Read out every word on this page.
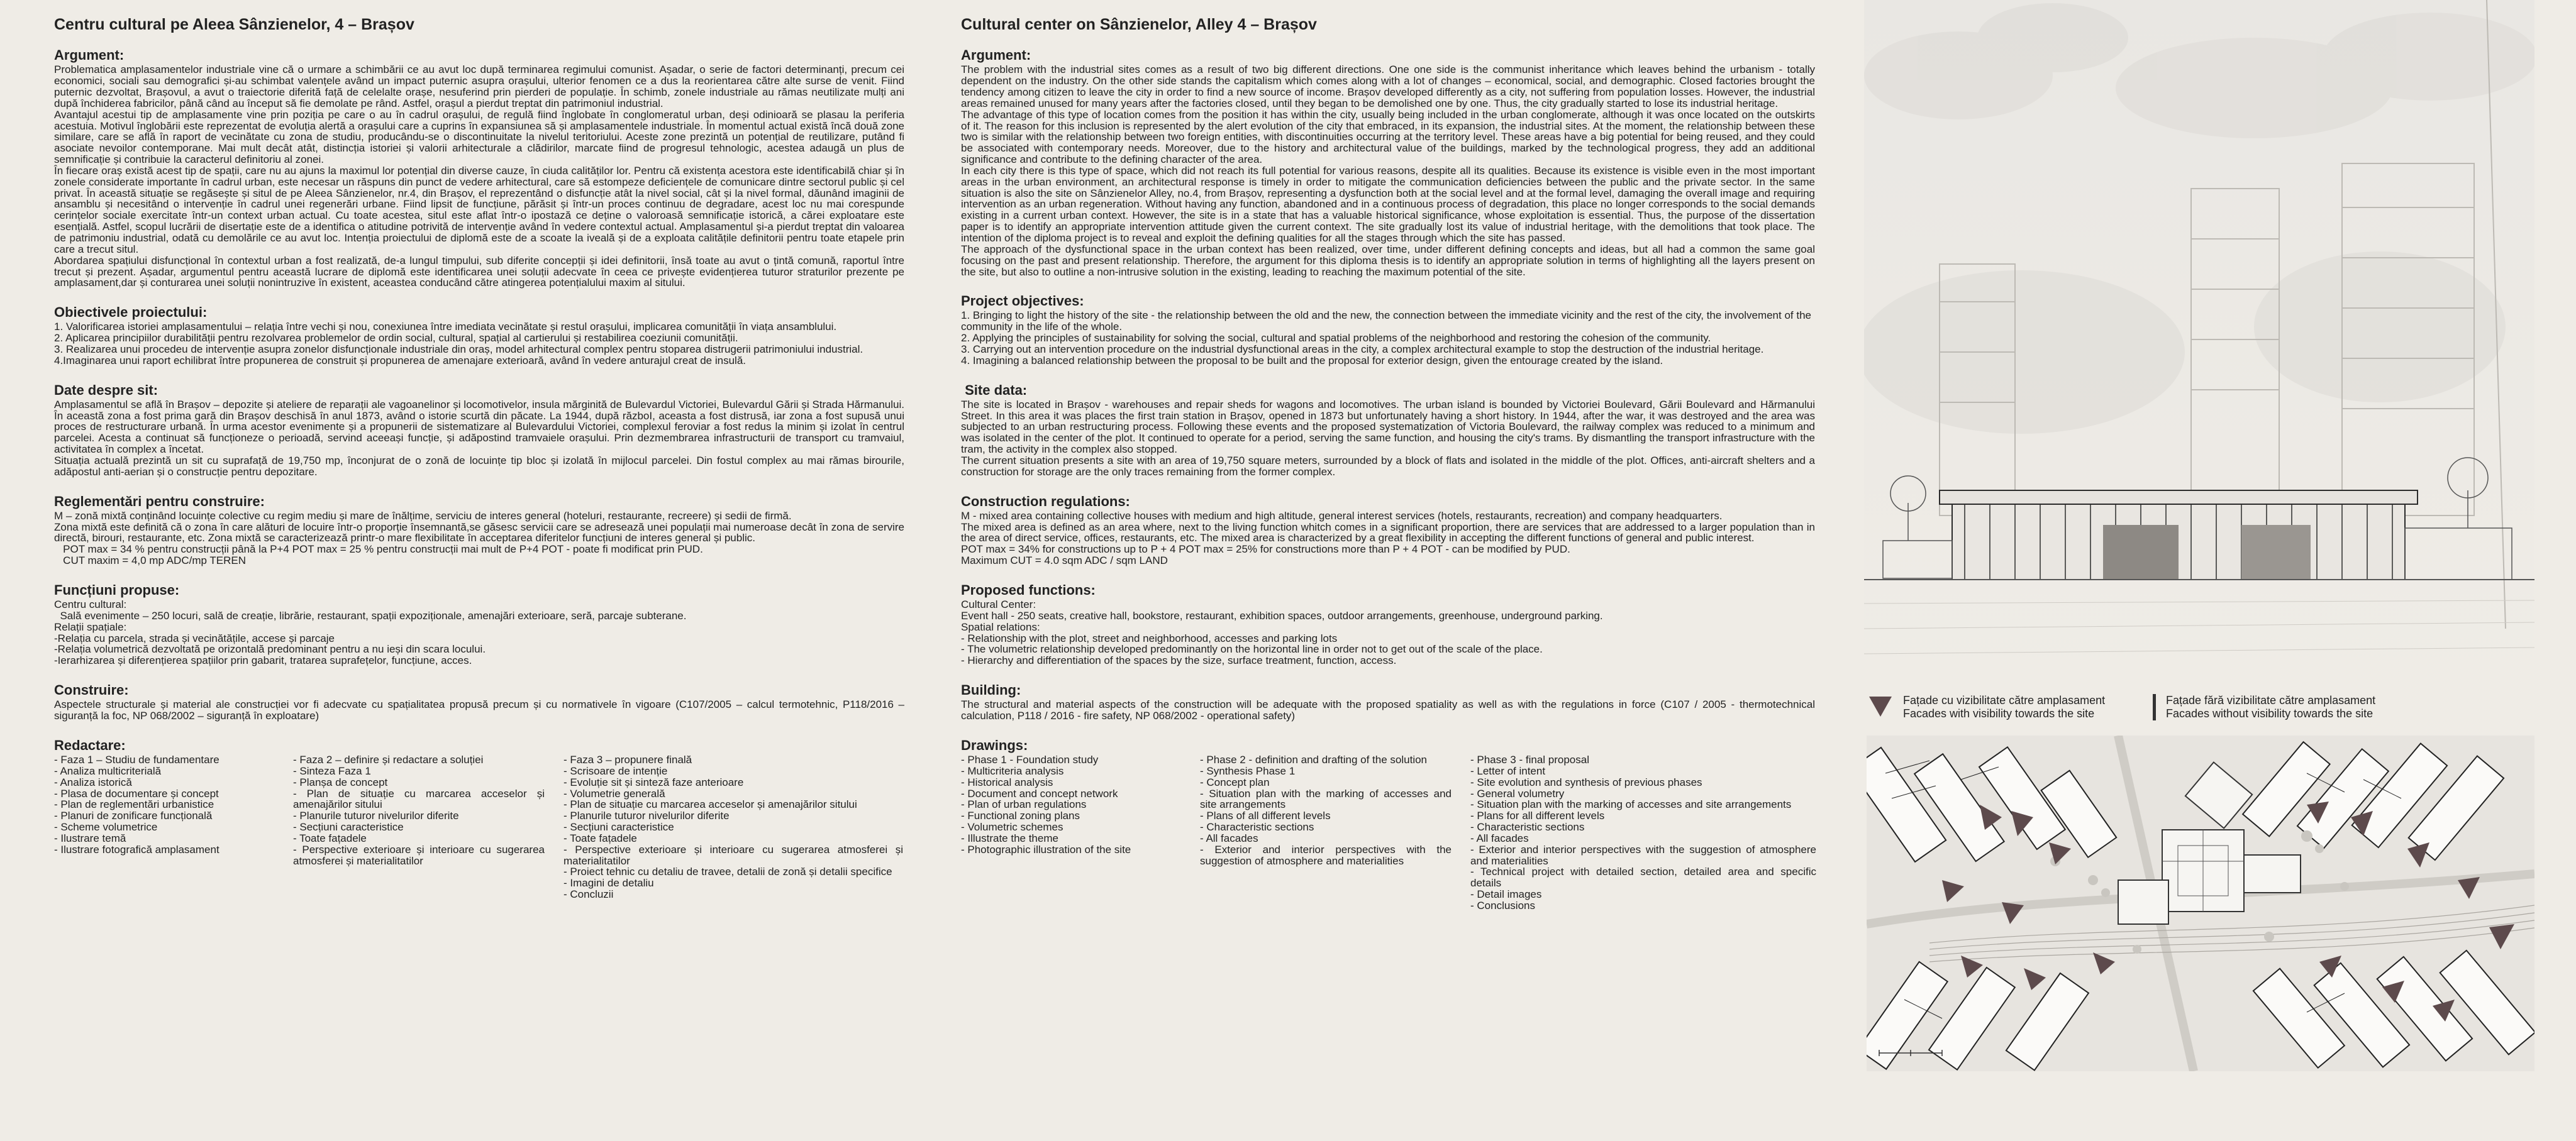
Centru cultural pe Aleea Sânzienelor, 4 – Brașov
Argument:

Problematica amplasamentelor industriale vine că o urmare a schimbării ce au avut loc după terminarea regimului comunist. Așadar, o serie de factori determinanți, precum cei economici, sociali sau demografici și-au schimbat valențele având un impact puternic asupra orașului, ulterior fenomen ce a dus la reorientarea către alte surse de venit. Fiind puternic dezvoltat, Brașovul, a avut o traiectorie diferită față de celelalte orașe, nesuferind prin pierderi de populație. În schimb, zonele industriale au rămas neutilizate mulți ani după închiderea fabricilor, până când au început să fie demolate pe rând. Astfel, orașul a pierdut treptat din patrimoniul industrial.

Avantajul acestui tip de amplasamente vine prin poziția pe care o au în cadrul orașului, de regulă fiind înglobate în conglomeratul urban, deși odinioară se plasau la periferia acestuia. Motivul înglobării este reprezentat de evoluția alertă a orașului care a cuprins în expansiunea să și amplasamentele industriale. În momentul actual există încă două zone similare, care se află în raport de vecinătate cu zona de studiu, producându-se o discontinuitate la nivelul teritoriului. Aceste zone prezintă un potențial de reutilizare, putând fi asociate nevoilor contemporane. Mai mult decât atât, distincția istoriei și valorii arhitecturale a clădirilor, marcate fiind de progresul tehnologic, acestea adaugă un plus de semnificație și contribuie la caracterul definitoriu al zonei.

În fiecare oraș există acest tip de spații, care nu au ajuns la maximul lor potențial din diverse cauze, în ciuda calităților lor. Pentru că existența acestora este identificabilă chiar și în zonele considerate importante în cadrul urban, este necesar un răspuns din punct de vedere arhitectural, care să estompeze deficiențele de comunicare dintre sectorul public și cel privat. În această situație se regăsește și situl de pe Aleea Sânzienelor, nr.4, din Brașov, el reprezentând o disfuncție atât la nivel social, cât și la nivel formal, dăunând imaginii de ansamblu și necesitând o intervenție în cadrul unei regenerări urbane. Fiind lipsit de funcțiune, părăsit și într-un proces continuu de degradare, acest loc nu mai corespunde cerințelor sociale exercitate într-un context urban actual. Cu toate acestea, situl este aflat într-o ipostază ce deține o valoroasă semnificație istorică, a cărei exploatare este esențială. Astfel, scopul lucrării de disertație este de a identifica o atitudine potrivită de intervenție având în vedere contextul actual. Amplasamentul și-a pierdut treptat din valoarea de patrimoniu industrial, odată cu demolările ce au avut loc. Intenția proiectului de diplomă este de a scoate la iveală și de a exploata calitățile definitorii pentru toate etapele prin care a trecut situl.

Abordarea spațiului disfuncțional în contextul urban a fost realizată, de-a lungul timpului, sub diferite concepții și idei definitorii, însă toate au avut o țintă comună, raportul între trecut și prezent. Așadar, argumentul pentru această lucrare de diplomă este identificarea unei soluții adecvate în ceea ce privește evidențierea tuturor straturilor prezente pe amplasament,dar și conturarea unei soluții nonintruzive în existent, aceastea conducând către atingerea potențialului maxim al sitului.

Obiectivele proiectului:
1. Valorificarea istoriei amplasamentului – relația între vechi și nou, conexiunea între imediata vecinătate și restul orașului, implicarea comunității în viața ansamblului.
2. Aplicarea principiilor durabilității pentru rezolvarea problemelor de ordin social, cultural, spațial al cartierului și restabilirea coeziunii comunității.
3. Realizarea unui procedeu de intervenție asupra zonelor disfuncționale industriale din oraș, model arhitectural complex pentru stoparea distrugerii patrimoniului industrial.
4.Imaginarea unui raport echilibrat între propunerea de construit și propunerea de amenajare exterioară, având în vedere anturajul creat de insulă.
Date despre sit:

Amplasamentul se află în Brașov – depozite și ateliere de reparații ale vagoanelinor și locomotivelor, insula mărginită de Bulevardul Victoriei, Bulevardul Gării și Strada Hărmanului. În această zona a fost prima gară din Brașov deschisă în anul 1873, având o istorie scurtă din păcate. La 1944, după războI, aceasta a fost distrusă, iar zona a fost supusă unui proces de restructurare urbană. În urma acestor evenimente și a propunerii de sistematizare al Bulevardului Victoriei, complexul feroviar a fost redus la minim și izolat în centrul parcelei. Acesta a continuat să funcționeze o perioadă, servind aceeași funcție, și adăpostind tramvaiele orașului. Prin dezmembrarea infrastructurii de transport cu tramvaiul, activitatea în complex a încetat.

Situația actuală prezintă un sit cu suprafață de 19,750 mp, înconjurat de o zonă de locuințe tip bloc și izolată în mijlocul parcelei. Din fostul complex au mai rămas birourile, adăpostul anti-aerian și o construcție pentru depozitare.

Reglementări pentru construire:

M – zonă mixtă conținând locuințe colective cu regim mediu și mare de înălțime, serviciu de interes general (hoteluri, restaurante, recreere) și sedii de firmă.

Zona mixtă este definită că o zona în care alături de locuire într-o proporție însemnantă,se găsesc servicii care se adresează unei populații mai numeroase decât în zona de servire directă, birouri, restaurante, etc. Zona mixtă se caracterizează printr-o mare flexibilitate în acceptarea diferitelor funcțiuni de interes general și public.

POT max = 34 % pentru construcții până la P+4 POT max = 25 % pentru construcții mai mult de P+4 POT - poate fi modificat prin PUD.

CUT maxim = 4,0 mp ADC/mp TEREN

Funcțiuni propuse:
Centru cultural:
Sală evenimente – 250 locuri, sală de creație, librărie, restaurant, spații expoziționale, amenajări exterioare, seră, parcaje subterane.
Relații spațiale:
-Relația cu parcela, strada și vecinătățile, accese și parcaje
-Relația volumetrică dezvoltată pe orizontală predominant pentru a nu ieși din scara locului.
-Ierarhizarea și diferențierea spațiilor prin gabarit, tratarea suprafețelor, funcțiune, acces.
Construire:

Aspectele structurale și material ale construcției vor fi adecvate cu spațialitatea propusă precum și cu normativele în vigoare (C107/2005 – calcul termotehnic, P118/2016 – siguranță la foc, NP 068/2002 – siguranță în exploatare)

Redactare:
- Faza 1 – Studiu de fundamentare
- Analiza multicriterială
- Analiza istorică
- Plasa de documentare și concept
- Plan de reglementări urbanistice
- Planuri de zonificare funcțională
- Scheme volumetrice
- Ilustrare temă
- Ilustrare fotografică amplasament
- Faza 2 – definire și redactare a soluției
- Sinteza Faza 1
- Planșa de concept
- Plan de situație cu marcarea acceselor și amenajărilor sitului
- Planurile tuturor nivelurilor diferite
- Secțiuni caracteristice
- Toate fațadele
- Perspective exterioare și interioare cu sugerarea atmosferei și materialitatilor
- Faza 3 – propunere finală
- Scrisoare de intenție
- Evoluție sit și sinteză faze anterioare
- Volumetrie generală
- Plan de situație cu marcarea acceselor și amenajărilor sitului
- Planurile tuturor nivelurilor diferite
- Secțiuni caracteristice
- Toate fațadele
- Perspective exterioare și interioare cu sugerarea atmosferei și materialitatilor
- Proiect tehnic cu detaliu de travee, detalii de zonă și detalii specifice
- Imagini de detaliu
- Concluzii
Cultural center on Sânzienelor, Alley 4 – Brașov
Argument:

The problem with the industrial sites comes as a result of two big different directions. One one side is the communist inheritance which leaves behind the urbanism - totally dependent on the industry. On the other side stands the capitalism which comes along with a lot of changes – economical, social, and demographic. Closed factories brought the tendency among citizen to leave the city in order to find a new source of income. Brașov developed differently as a city, not suffering from population losses. However, the industrial areas remained unused for many years after the factories closed, until they began to be demolished one by one. Thus, the city gradually started to lose its industrial heritage.

The advantage of this type of location comes from the position it has within the city, usually being included in the urban conglomerate, although it was once located on the outskirts of it. The reason for this inclusion is represented by the alert evolution of the city that embraced, in its expansion, the industrial sites. At the moment, the relationship between these two is similar with the relationship between two foreign entities, with discontinuities occurring at the territory level. These areas have a big potential for being reused, and they could be associated with contemporary needs. Moreover, due to the history and architectural value of the buildings, marked by the technological progress, they add an additional significance and contribute to the defining character of the area.

In each city there is this type of space, which did not reach its full potential for various reasons, despite all its qualities. Because its existence is visible even in the most important areas in the urban environment, an architectural response is timely in order to mitigate the communication deficiencies between the public and the private sector. In the same situation is also the site on Sânzienelor Alley, no.4, from Brașov, representing a dysfunction both at the social level and at the formal level, damaging the overall image and requiring intervention as an urban regeneration. Without having any function, abandoned and in a continuous process of degradation, this place no longer corresponds to the social demands existing in a current urban context. However, the site is in a state that has a valuable historical significance, whose exploitation is essential. Thus, the purpose of the dissertation paper is to identify an appropriate intervention attitude given the current context. The site gradually lost its value of industrial heritage, with the demolitions that took place. The intention of the diploma project is to reveal and exploit the defining qualities for all the stages through which the site has passed.

The approach of the dysfunctional space in the urban context has been realized, over time, under different defining concepts and ideas, but all had a common the same goal focusing on the past and present relationship. Therefore, the argument for this diploma thesis is to identify an appropriate solution in terms of highlighting all the layers present on the site, but also to outline a non-intrusive solution in the existing, leading to reaching the maximum potential of the site.

Project objectives:
1. Bringing to light the history of the site - the relationship between the old and the new, the connection between the immediate vicinity and the rest of the city, the involvement of the community in the life of the whole.
2. Applying the principles of sustainability for solving the social, cultural and spatial problems of the neighborhood and restoring the cohesion of the community.
3. Carrying out an intervention procedure on the industrial dysfunctional areas in the city, a complex architectural example to stop the destruction of the industrial heritage.
4. Imagining a balanced relationship between the proposal to be built and the proposal for exterior design, given the entourage created by the island.
Site data:

The site is located in Brașov - warehouses and repair sheds for wagons and locomotives. The urban island is bounded by Victoriei Boulevard, Gării Boulevard and Hărmanului Street. In this area it was places the first train station in Brașov, opened in 1873 but unfortunately having a short history. In 1944, after the war, it was destroyed and the area was subjected to an urban restructuring process. Following these events and the proposed systematization of Victoria Boulevard, the railway complex was reduced to a minimum and was isolated in the center of the plot. It continued to operate for a period, serving the same function, and housing the city's trams. By dismantling the transport infrastructure with the tram, the activity in the complex also stopped.

The current situation presents a site with an area of 19,750 square meters, surrounded by a block of flats and isolated in the middle of the plot. Offices, anti-aircraft shelters and a construction for storage are the only traces remaining from the former complex.

Construction regulations:

M - mixed area containing collective houses with medium and high altitude, general interest services (hotels, restaurants, recreation) and company headquarters.

The mixed area is defined as an area where, next to the living function whitch comes in a significant proportion, there are services that are addressed to a larger population than in the area of direct service, offices, restaurants, etc. The mixed area is characterized by a great flexibility in accepting the different functions of general and public interest.

POT max = 34% for constructions up to P + 4 POT max = 25% for constructions more than P + 4 POT - can be modified by PUD.

Maximum CUT = 4.0 sqm ADC / sqm LAND

Proposed functions:
Cultural Center:
Event hall - 250 seats, creative hall, bookstore, restaurant, exhibition spaces, outdoor arrangements, greenhouse, underground parking.
Spatial relations:
- Relationship with the plot, street and neighborhood, accesses and parking lots
- The volumetric relationship developed predominantly on the horizontal line in order not to get out of the scale of the place.
- Hierarchy and differentiation of the spaces by the size, surface treatment, function, access.
Building:

The structural and material aspects of the construction will be adequate with the proposed spatiality as well as with the regulations in force (C107 / 2005 - thermotechnical calculation, P118 / 2016 - fire safety, NP 068/2002 - operational safety)

Drawings:
- Phase 1 - Foundation study
- Multicriteria analysis
- Historical analysis
- Document and concept network
- Plan of urban regulations
- Functional zoning plans
- Volumetric schemes
- Illustrate the theme
- Photographic illustration of the site
- Phase 2 - definition and drafting of the solution
- Synthesis Phase 1
- Concept plan
- Situation plan with the marking of accesses and site arrangements
- Plans of all different levels
- Characteristic sections
- All facades
- Exterior and interior perspectives with the suggestion of atmosphere and materialities
- Phase 3 - final proposal
- Letter of intent
- Site evolution and synthesis of previous phases
- General volumetry
- Situation plan with the marking of accesses and site arrangements
- Plans for all different levels
- Characteristic sections
- All facades
- Exterior and interior perspectives with the suggestion of atmosphere and materialities
- Technical project with detailed section, detailed area and specific details
- Detail images
- Conclusions
Fațade cu vizibilitate către amplasament
Facades with visibility towards the site
Fațade fără vizibilitate către amplasament
Facades without visibility towards the site
